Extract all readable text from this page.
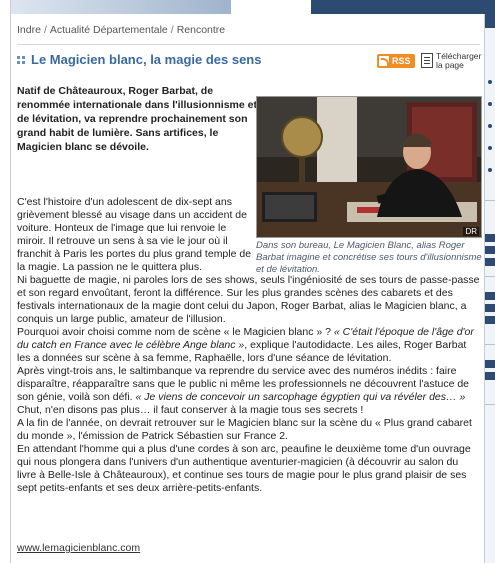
Indre / Actualité Départementale / Rencontre
Le Magicien blanc, la magie des sens	RSS	Télécharger la page

Natif de Châteauroux, Roger Barbat, de renommée internationale dans l'illusionnisme et de lévitation, va reprendre prochainement son grand habit de lumière. Sans artifices, le Magicien blanc se dévoile.

DR

Dans son bureau, Le Magicien Blanc, alias Roger Barbat imagine et concrétise ses tours d'illusionnisme et de lévitation.

C'est l'histoire d'un adolescent de dix-sept ans grièvement blessé au visage dans un accident de voiture. Honteux de l'image que lui renvoie le miroir. Il retrouve un sens à sa vie le jour où il franchit à Paris les portes du plus grand temple de la magie. La passion ne le quittera plus.

Ni baguette de magie, ni paroles lors de ses shows, seuls l'ingéniosité de ses tours de passe-passe et son regard envoûtant, feront la différence. Sur les plus grandes scènes des cabarets et des festivals internationaux de la magie dont celui du Japon, Roger Barbat, alias le Magicien blanc, a conquis un large public, amateur de l'illusion.

Pourquoi avoir choisi comme nom de scène « le Magicien blanc » ? « C'était l'époque de l'âge d'or du catch en France avec le célèbre Ange blanc », explique l'autodidacte. Les ailes, Roger Barbat les a données sur scène à sa femme, Raphaëlle, lors d'une séance de lévitation.

Après vingt-trois ans, le saltimbanque va reprendre du service avec des numéros inédits : faire disparaître, réapparaître sans que le public ni même les professionnels ne découvrent l'astuce de son génie, voilà son défi. « Je viens de concevoir un sarcophage égyptien qui va révéler des… » Chut, n'en disons pas plus… il faut conserver à la magie tous ses secrets !

A la fin de l'année, on devrait retrouver sur le Magicien blanc sur la scène du « Plus grand cabaret du monde », l'émission de Patrick Sébastien sur France 2.

En attendant l'homme qui a plus d'une cordes à son arc, peaufine le deuxième tome d'un ouvrage qui nous plongera dans l'univers d'un authentique aventurier-magicien (à découvrir au salon du livre à Belle-Isle à Châteauroux), et continue ses tours de magie pour le plus grand plaisir de ses sept petits-enfants et ses deux arrière-petits-enfants.

www.lemagicienblanc.com
